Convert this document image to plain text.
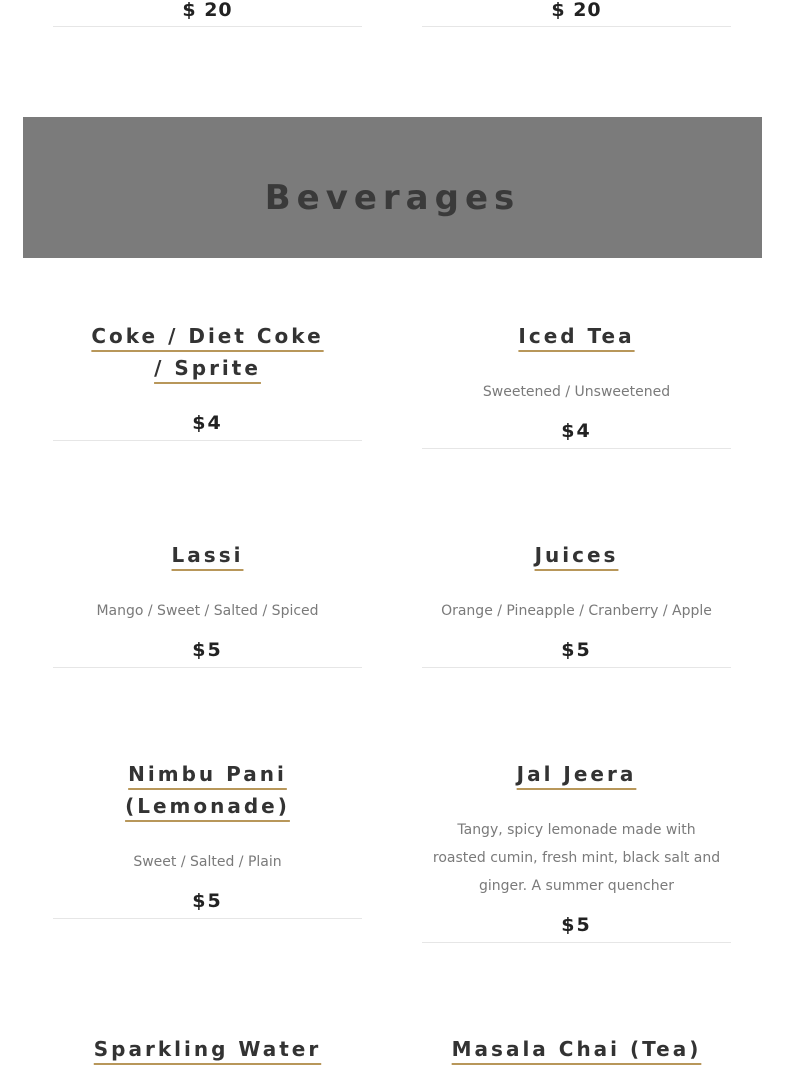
$ 20	$ 20
Beverages
Coke / Diet Coke / Sprite
$4
Iced Tea
Sweetened / Unsweetened
$4
Lassi
Mango / Sweet / Salted / Spiced
$5
Juices
Orange / Pineapple / Cranberry / Apple
$5
Nimbu Pani (Lemonade)
Sweet / Salted / Plain
$5
Jal Jeera
Tangy, spicy lemonade made with roasted cumin, fresh mint, black salt and ginger. A summer quencher
$5
Sparkling Water	Masala Chai (Tea)
